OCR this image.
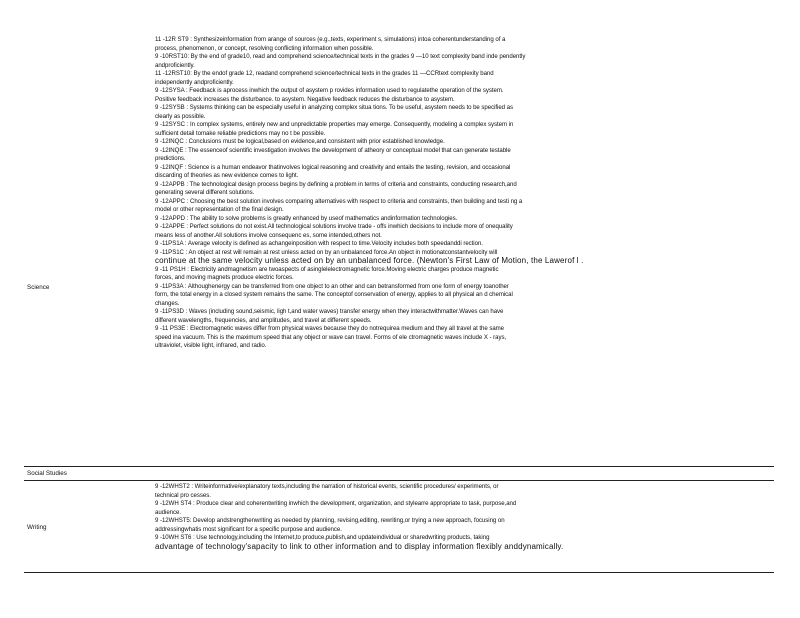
11 -12R ST9 : Synthesizeinformation from arange of sources (e.g.,texts, experiment s, simulations) intoa coherentunderstanding of a
process, phenomenon, or concept, resolving conflicting information when possible.
9 -10RST10: By the end of grade10, read and comprehend science/technical texts in the grades 9 —10 text complexity band inde pendently
andproficiently.
11 -12RST10: By the endof grade 12, readand comprehend science/technical texts in the grades 11 —CCRtext complexity band
independently andproficiently.
9 -12SYSA : Feedback is aprocess inwhich the output of asystem p rovides information used to regulatethe operation of the system.
Positive feedback increases the disturbance. to asystem. Negative feedback reduces the disturbance to asystem.
9 -12SYSB : Systems thinking can be especially useful in analyzing complex situa tions. To be useful, asystem needs to be specified as
clearly as possible.
9 -12SYSC : In complex systems, entirely new and unpredictable properties may emerge. Consequently, modeling a complex system in
sufficient detail tomake reliable predictions may no t be possible.
9 -12INQC : Conclusions must be logical,based on evidence,and consistent with prior established knowledge.
9 -12INQE : The essenceof scientific investigation involves the development of atheory or conceptual model that can generate testable
predictions.
9 -12INQF : Science is a human endeavor thatinvolves logical reasoning and creativity and entails the testing, revision, and occasional
discarding of theories as new evidence comes to light.
9 -12APPB : The technological design process begins by defining a problem in terms of criteria and constraints, conducting research,and
generating several different solutions.
9 -12APPC : Choosing the best solution involves comparing alternatives with respect to criteria and constraints, then building and testi ng a
model or other representation of the final design.
9 -12APPD : The ability to solve problems is greatly enhanced by useof mathematics andinformation technologies.
9 -12APPE : Perfect solutions do not exist.All technological solutions involve trade - offs inwhich decisions to include more of onequality
means less of another.All solutions involve consequenc es, some intended,others not.
9 -11PS1A : Average velocity is defined as achangeinposition with respect to time.Velocity includes both speedanddi rection.
9 -11PS1C : An object at rest will remain at rest unless acted on by an unbalanced force.An object in motionatconstantvelocity will
continue at the same velocity unless acted on by an unbalanced force. (Newton's First Law of Motion, the Lawerof l .
9 -11 PS1H : Electricity andmagnetism are twoaspects of asinglelelectromagnetic force.Moving electric charges produce magnetic
forces, and moving magnets produce electric forces.
9 -11PS3A : Althoughenergy can be transferred from one object to an other and can betransformed from one form of energy toanother
form, the total energy in a closed system remains the same. The conceptof conservation of energy, applies to all physical an d chemical
changes.
9 -11PS3D : Waves (including sound,seismic, ligh t,and water waves) transfer energy when they interactwithmatter.Waves can have
different wavelengths, frequencies, and amplitudes, and travel at different speeds.
9 -11 PS3E : Electromagnetic waves differ from physical waves because they do notrequirea medium and they all travel at the same
speed ina vacuum. This is the maximum speed that any object or wave can travel. Forms of ele ctromagnetic waves include X - rays,
ultraviolet, visible light, infrared, and radio.
Science
Social Studies
9 -12WHST2 : Writeinformative/explanatory texts,including the narration of historical events, scientific procedures/ experiments, or
technical pro cesses.
9 -12WH ST4 : Produce clear and coherentwriting inwhich the development, organization, and stylearre appropriate to task, purpose,and
audience.
9 -12WHST5: Develop andstrengthenwriting as needed by planning, revising,editing, rewriting,or trying a new approach, focusing on
addressingwhatis most significant for a specific purpose and audience.
9 -10WH ST6 : Use technology,including the Internet,to produce,publish,and updateindividual or sharedwriting products, taking
advantage of technology'sapacity to link to other information and to display information flexibly anddynamically.
Writing
